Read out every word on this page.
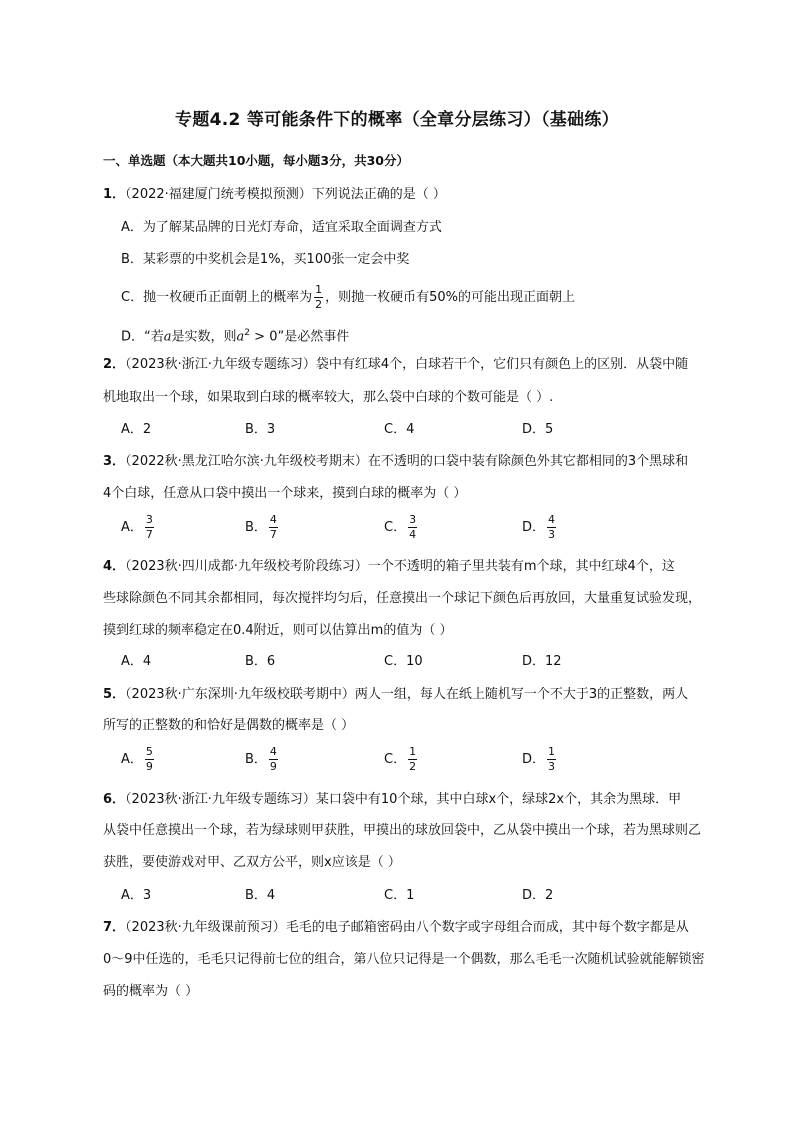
专题4.2 等可能条件下的概率（全章分层练习）（基础练）
一、单选题（本大题共10小题，每小题3分，共30分）
1．（2022·福建厦门统考模拟预测）下列说法正确的是（ ）
A．为了解某品牌的日光灯寿命，适宜采取全面调查方式
B．某彩票的中奖机会是1%，买100张一定会中奖
C．抛一枚硬币正面朝上的概率为 $\frac{1}{2}$ ，则抛一枚硬币有50%的可能出现正面朝上
D．“若a是实数，则$a^2 > 0$”是必然事件
2．（2023秋·浙江·九年级专题练习）袋中有红球4个，白球若干个，它们只有颜色上的区别．从袋中随
机地取出一个球，如果取到白球的概率较大，那么袋中白球的个数可能是（ ）.
A．2	B．3	C．4	D．5
3．（2022秋·黑龙江哈尔滨·九年级校考期末）在不透明的口袋中装有除颜色外其它都相同的3个黑球和
4个白球，任意从口袋中摸出一个球来，摸到白球的概率为（ ）
A． $\frac{3}{7}$	B． $\frac{4}{7}$	C． $\frac{3}{4}$	D． $\frac{4}{3}$
4．（2023秋·四川成都·九年级校考阶段练习）一个不透明的箱子里共装有m个球，其中红球4个，这
些球除颜色不同其余都相同，每次搅拌均匀后，任意摸出一个球记下颜色后再放回，大量重复试验发现，
摸到红球的频率稳定在0.4附近，则可以估算出m的值为（ ）
A．4	B．6	C．10	D．12
5．（2023秋·广东深圳·九年级校联考期中）两人一组，每人在纸上随机写一个不大于3的正整数，两人
所写的正整数的和恰好是偶数的概率是（ ）
A． $\frac{5}{9}$	B． $\frac{4}{9}$	C． $\frac{1}{2}$	D． $\frac{1}{3}$
6．（2023秋·浙江·九年级专题练习）某口袋中有10个球，其中白球x个，绿球2x个，其余为黑球．甲
从袋中任意摸出一个球，若为绿球则甲获胜，甲摸出的球放回袋中，乙从袋中摸出一个球，若为黑球则乙
获胜，要使游戏对甲、乙双方公平，则x应该是（ ）
A．3	B．4	C．1	D．2
7．（2023秋·九年级课前预习）毛毛的电子邮箱密码由八个数字或字母组合而成，其中每个数字都是从
0～9中任选的，毛毛只记得前七位的组合，第八位只记得是一个偶数，那么毛毛一次随机试验就能解锁密
码的概率为（ ）
